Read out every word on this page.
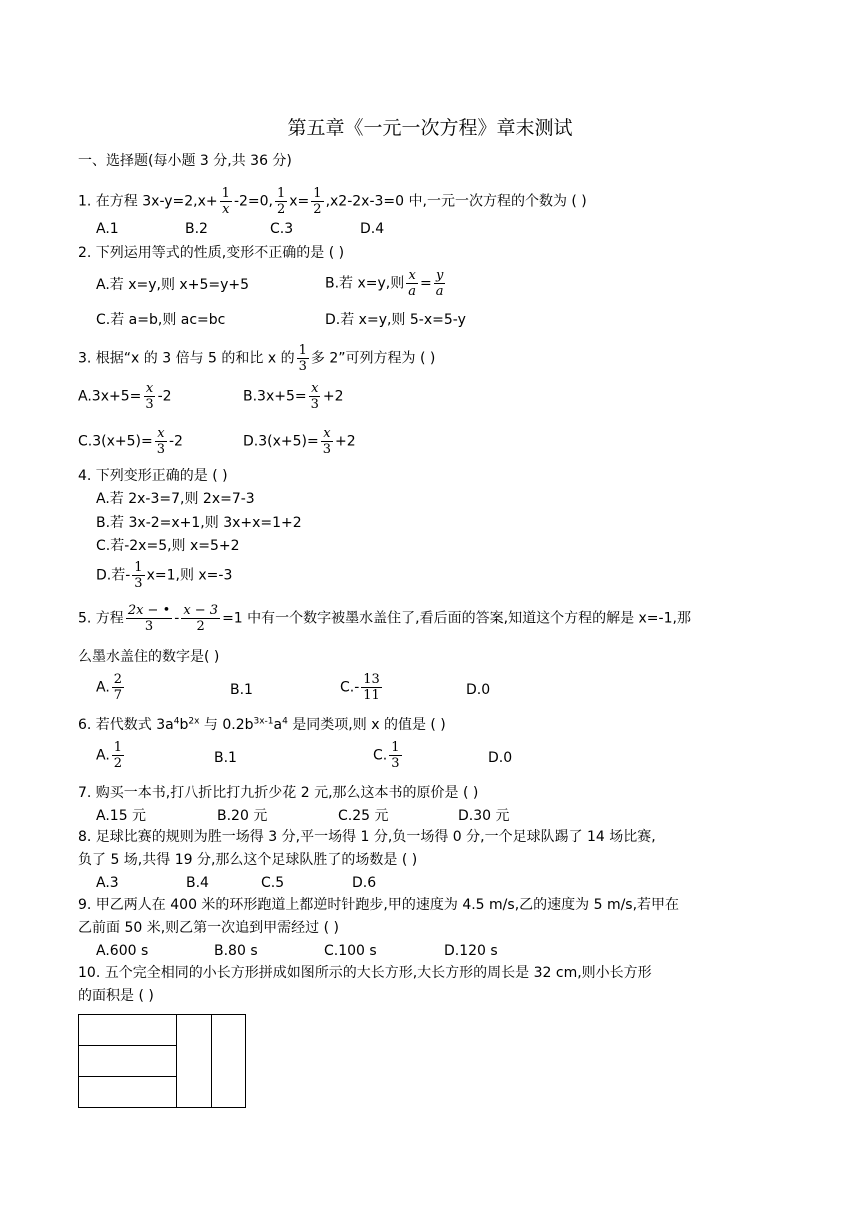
第五章《一元一次方程》章末测试
一、选择题(每小题 3 分,共 36 分)
1. 在方程 $3x-y=2,x+ \frac{1}{x} -2=0$, $\frac{1}{2} x= \frac{1}{2} ,x2-2x-3=0$ 中,一元一次方程的个数为 ( )
A.1	B.2	C.3	D.4
2. 下列运用等式的性质,变形不正确的是 ( )
A.若 x=y,则 x+5=y+5	B.若 x=y,则 $\frac{x}{a} = \frac{y}{a}$
C.若 a=b,则 ac=bc	D.若 x=y,则 5-x=5-y
3. 根据“x 的 3 倍与 5 的和比 x 的 $\frac{1}{3}$ 多 2”可列方程为 ( )
$A.3x+5= \frac{x}{3} -2$	$B.3x+5= \frac{x}{3} +2$
$C.3(x+5)= \frac{x}{3} -2$	$D.3(x+5)= \frac{x}{3} +2$
4. 下列变形正确的是 ( )
A.若 2x-3=7,则 2x=7-3
B.若 3x-2=x+1,则 3x+x=1+2
C.若-2x=5,则 x=5+2
D.若- $\frac{1}{3} x=1$,则 x=-3
5. 方程 $\frac{2x - •}{3} - \frac{x - 3}{2} =1$ 中有一个数字被墨水盖住了,看后面的答案,知道这个方程的解是 x=-1,那
么墨水盖住的数字是( )
A. $\frac{2}{7}$	B.1	$C.- \frac{13}{11}$	D.0
6. 若代数式 $3a^4b^{2x}$ 与 $0.2b^{3x-1}a^4$ 是同类项,则 x 的值是 ( )
A. $\frac{1}{2}$	B.1	C. $\frac{1}{3}$	D.0
7. 购买一本书,打八折比打九折少花 2 元,那么这本书的原价是 ( )
A.15 元	B.20 元	C.25 元	D.30 元
8. 足球比赛的规则为胜一场得 3 分,平一场得 1 分,负一场得 0 分,一个足球队踢了 14 场比赛,
负了 5 场,共得 19 分,那么这个足球队胜了的场数是 ( )
A.3	B.4	C.5	D.6
9. 甲乙两人在 400 米的环形跑道上都逆时针跑步,甲的速度为 4.5 m/s,乙的速度为 5 m/s,若甲在
乙前面 50 米,则乙第一次追到甲需经过 ( )
A.600 s	B.80 s	C.100 s	D.120 s
10. 五个完全相同的小长方形拼成如图所示的大长方形,大长方形的周长是 32 cm,则小长方形
的面积是 ( )
